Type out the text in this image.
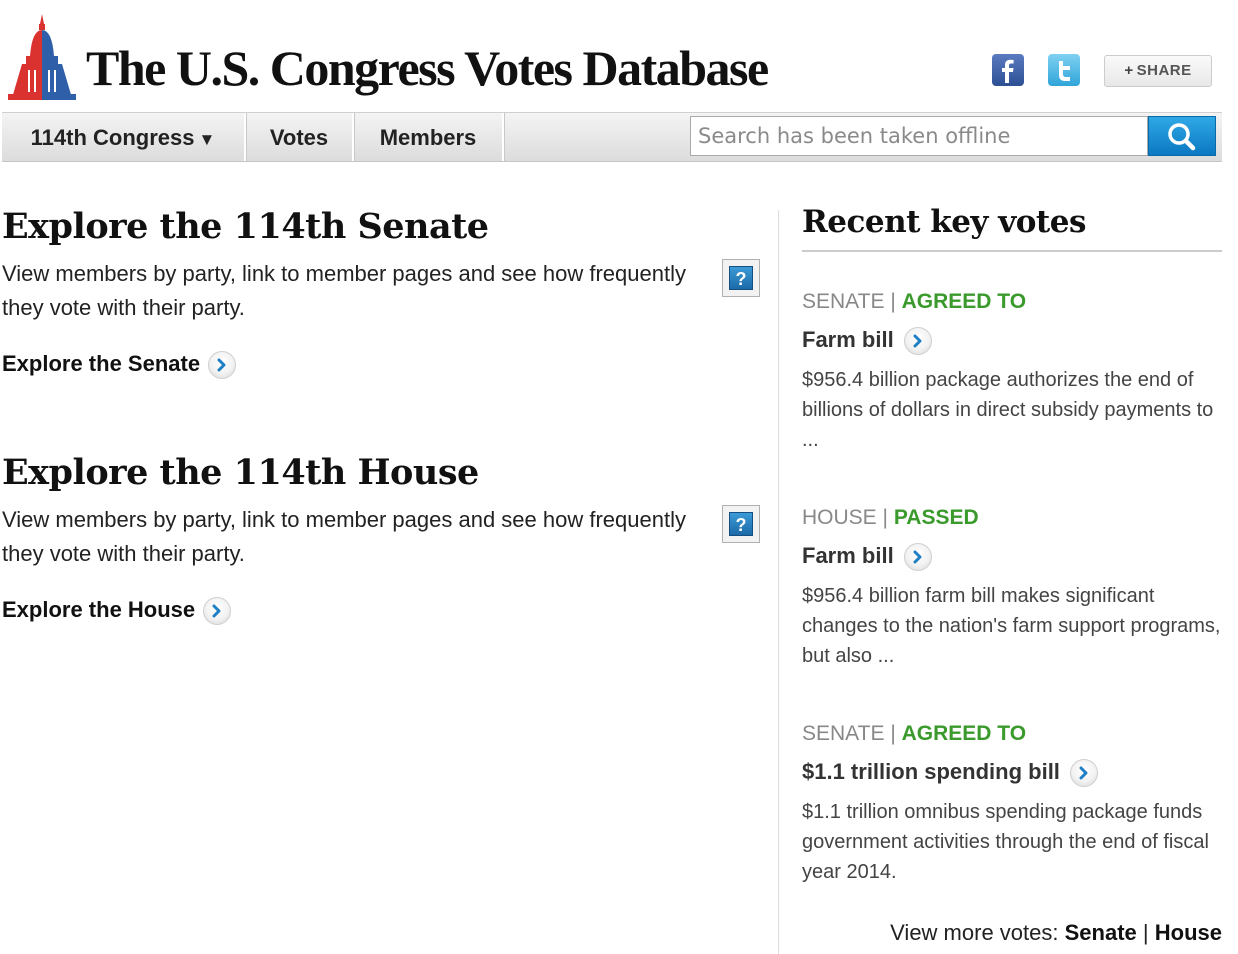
The U.S. Congress Votes Database	+ SHARE
114th Congress ▼	Votes	Members
Search has been taken offline
Explore the 114th Senate
View members by party, link to member pages and see how frequently they vote with their party.
?
Explore the Senate
Explore the 114th House
View members by party, link to member pages and see how frequently they vote with their party.
?
Explore the House
Recent key votes
SENATE | AGREED TO
Farm bill
$956.4 billion package authorizes the end of billions of dollars in direct subsidy payments to ...
HOUSE | PASSED
Farm bill
$956.4 billion farm bill makes significant changes to the nation's farm support programs, but also ...
SENATE | AGREED TO
$1.1 trillion spending bill
$1.1 trillion omnibus spending package funds government activities through the end of fiscal year 2014.
View more votes: Senate | House
